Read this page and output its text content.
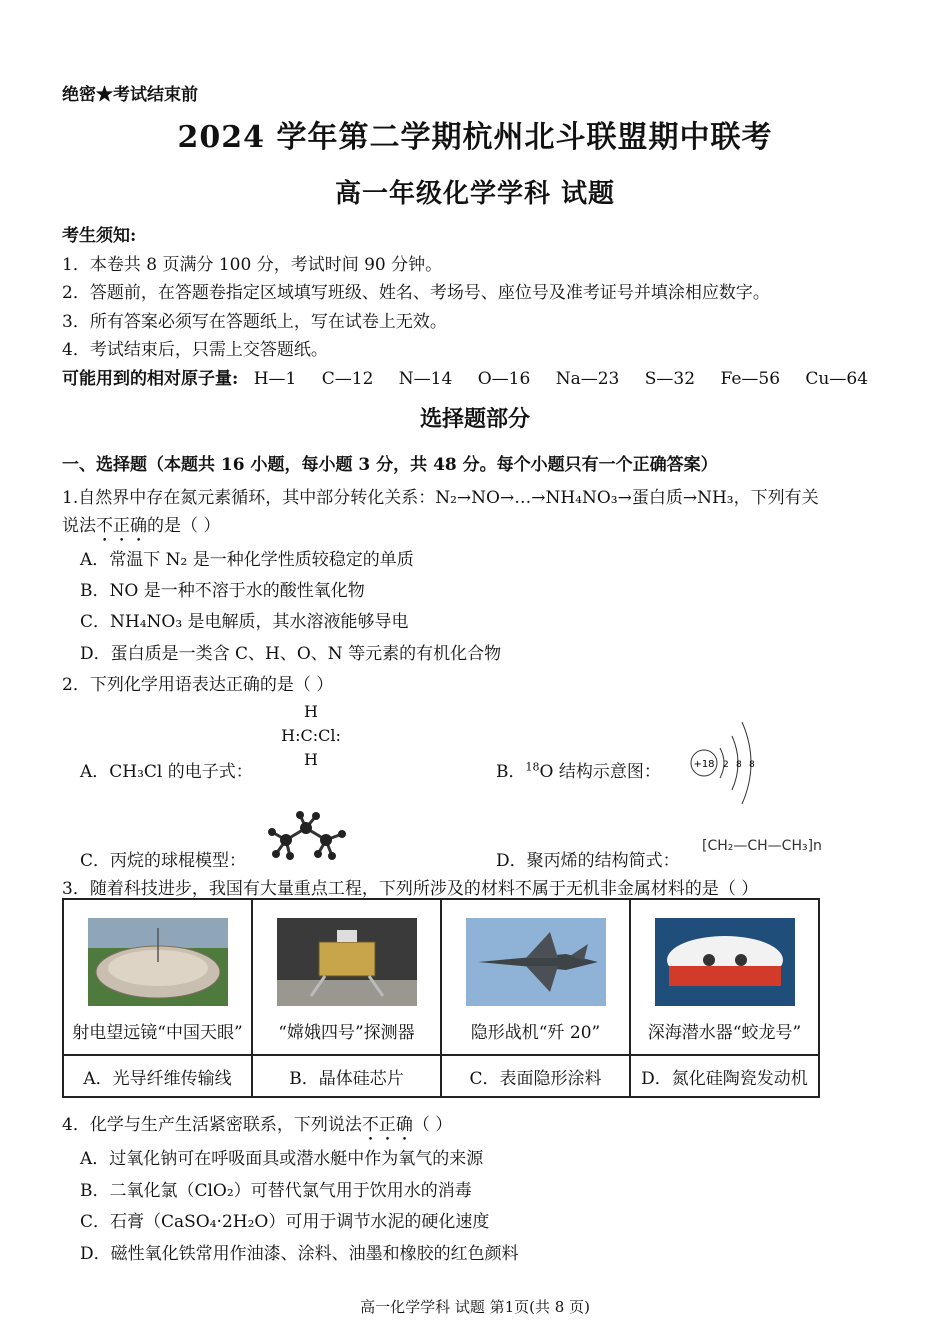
绝密★考试结束前
2024 学年第二学期杭州北斗联盟期中联考
高一年级化学学科 试题
考生须知:
1．本卷共 8 页满分 100 分，考试时间 90 分钟。
2．答题前，在答题卷指定区域填写班级、姓名、考场号、座位号及准考证号并填涂相应数字。
3．所有答案必须写在答题纸上，写在试卷上无效。
4．考试结束后，只需上交答题纸。
可能用到的相对原子量: H—1 C—12 N—14 O—16 Na—23 S—32 Fe—56 Cu—64
选择题部分
一、选择题（本题共 16 小题，每小题 3 分，共 48 分。每个小题只有一个正确答案）
1.自然界中存在氮元素循环，其中部分转化关系：N₂→NO→…→NH₄NO₃→蛋白质→NH₃，下列有关
说法不正确的是（ ）
A．常温下 N₂ 是一种化学性质较稳定的单质
B．NO 是一种不溶于水的酸性氧化物
C．NH₄NO₃ 是电解质，其水溶液能够导电
D．蛋白质是一类含 C、H、O、N 等元素的有机化合物
2．下列化学用语表达正确的是（ ）
A．CH₃Cl 的电子式：
H
H:C:Cl:
H
B．$^{18}$O 结构示意图：	+18 2 8 8
C．丙烷的球棍模型：	D．聚丙烯的结构简式：
[CH₂—CH—CH₃]n
3．随着科技进步，我国有大量重点工程，下列所涉及的材料不属于无机非金属材料的是（ ）
射电望远镜“中国天眼”	“嫦娥四号”探测器	隐形战机“歼 20”	深海潜水器“蛟龙号”

A．光导纤维传输线	B．晶体硅芯片	C．表面隐形涂料	D．氮化硅陶瓷发动机
4．化学与生产生活紧密联系，下列说法不正确（ ）
A．过氧化钠可在呼吸面具或潜水艇中作为氧气的来源
B．二氧化氯（ClO₂）可替代氯气用于饮用水的消毒
C．石膏（CaSO₄·2H₂O）可用于调节水泥的硬化速度
D．磁性氧化铁常用作油漆、涂料、油墨和橡胶的红色颜料
高一化学学科 试题 第1页(共 8 页)
